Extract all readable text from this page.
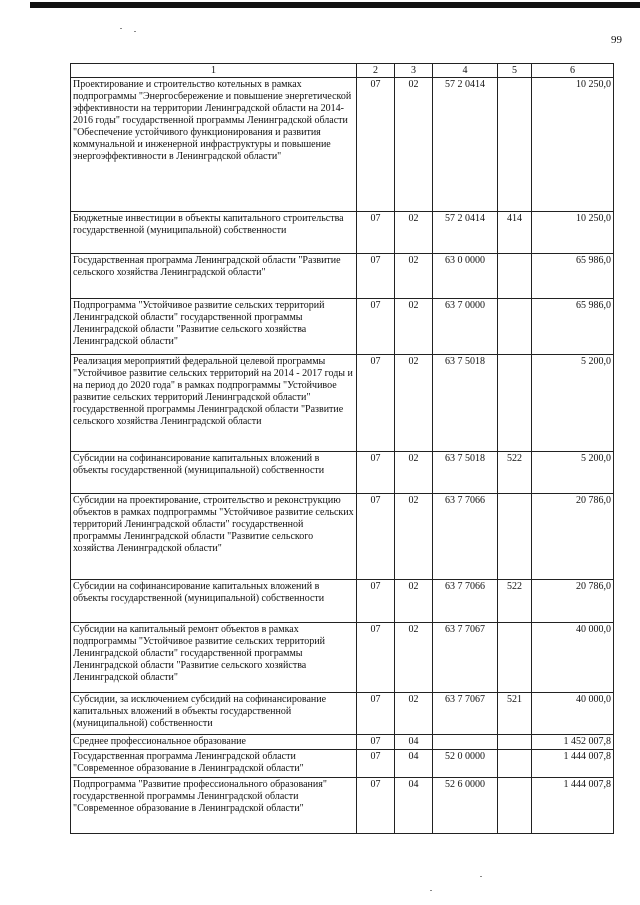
99
1	2	3	4	5	6
Проектирование и строительство котельных в рамках подпрограммы "Энергосбережение и повышение энергетической эффективности на территории Ленинградской области на 2014-2016 годы" государственной программы Ленинградской области "Обеспечение устойчивого функционирования и развития коммунальной и инженерной инфраструктуры и повышение энергоэффективности в Ленинградской области"	07	02	57 2 0414		10 250,0
Бюджетные инвестиции в объекты капитального строительства государственной (муниципальной) собственности	07	02	57 2 0414	414	10 250,0
Государственная программа Ленинградской области "Развитие сельского хозяйства Ленинградской области"	07	02	63 0 0000		65 986,0
Подпрограмма "Устойчивое развитие сельских территорий Ленинградской области" государственной программы Ленинградской области "Развитие сельского хозяйства Ленинградской области"	07	02	63 7 0000		65 986,0
Реализация мероприятий федеральной целевой программы "Устойчивое развитие сельских территорий на 2014 - 2017 годы и на период до 2020 года" в рамках подпрограммы "Устойчивое развитие сельских территорий Ленинградской области" государственной программы Ленинградской области "Развитие сельского хозяйства Ленинградской области	07	02	63 7 5018		5 200,0
Субсидии на софинансирование капитальных вложений в объекты государственной (муниципальной) собственности	07	02	63 7 5018	522	5 200,0
Субсидии на проектирование, строительство и реконструкцию объектов в рамках подпрограммы "Устойчивое развитие сельских территорий Ленинградской области" государственной программы Ленинградской области "Развитие сельского хозяйства Ленинградской области"	07	02	63 7 7066		20 786,0
Субсидии на софинансирование капитальных вложений в объекты государственной (муниципальной) собственности	07	02	63 7 7066	522	20 786,0
Субсидии на капитальный ремонт объектов в рамках подпрограммы "Устойчивое развитие сельских территорий Ленинградской области" государственной программы Ленинградской области "Развитие сельского хозяйства Ленинградской области"	07	02	63 7 7067		40 000,0
Субсидии, за исключением субсидий на софинансирование капитальных вложений в объекты государственной (муниципальной) собственности	07	02	63 7 7067	521	40 000,0
Среднее профессиональное образование	07	04			1 452 007,8
Государственная программа Ленинградской области "Современное образование в Ленинградской области"	07	04	52 0 0000		1 444 007,8
Подпрограмма "Развитие профессионального образования" государственной программы Ленинградской области "Современное образование в Ленинградской области"	07	04	52 6 0000		1 444 007,8
